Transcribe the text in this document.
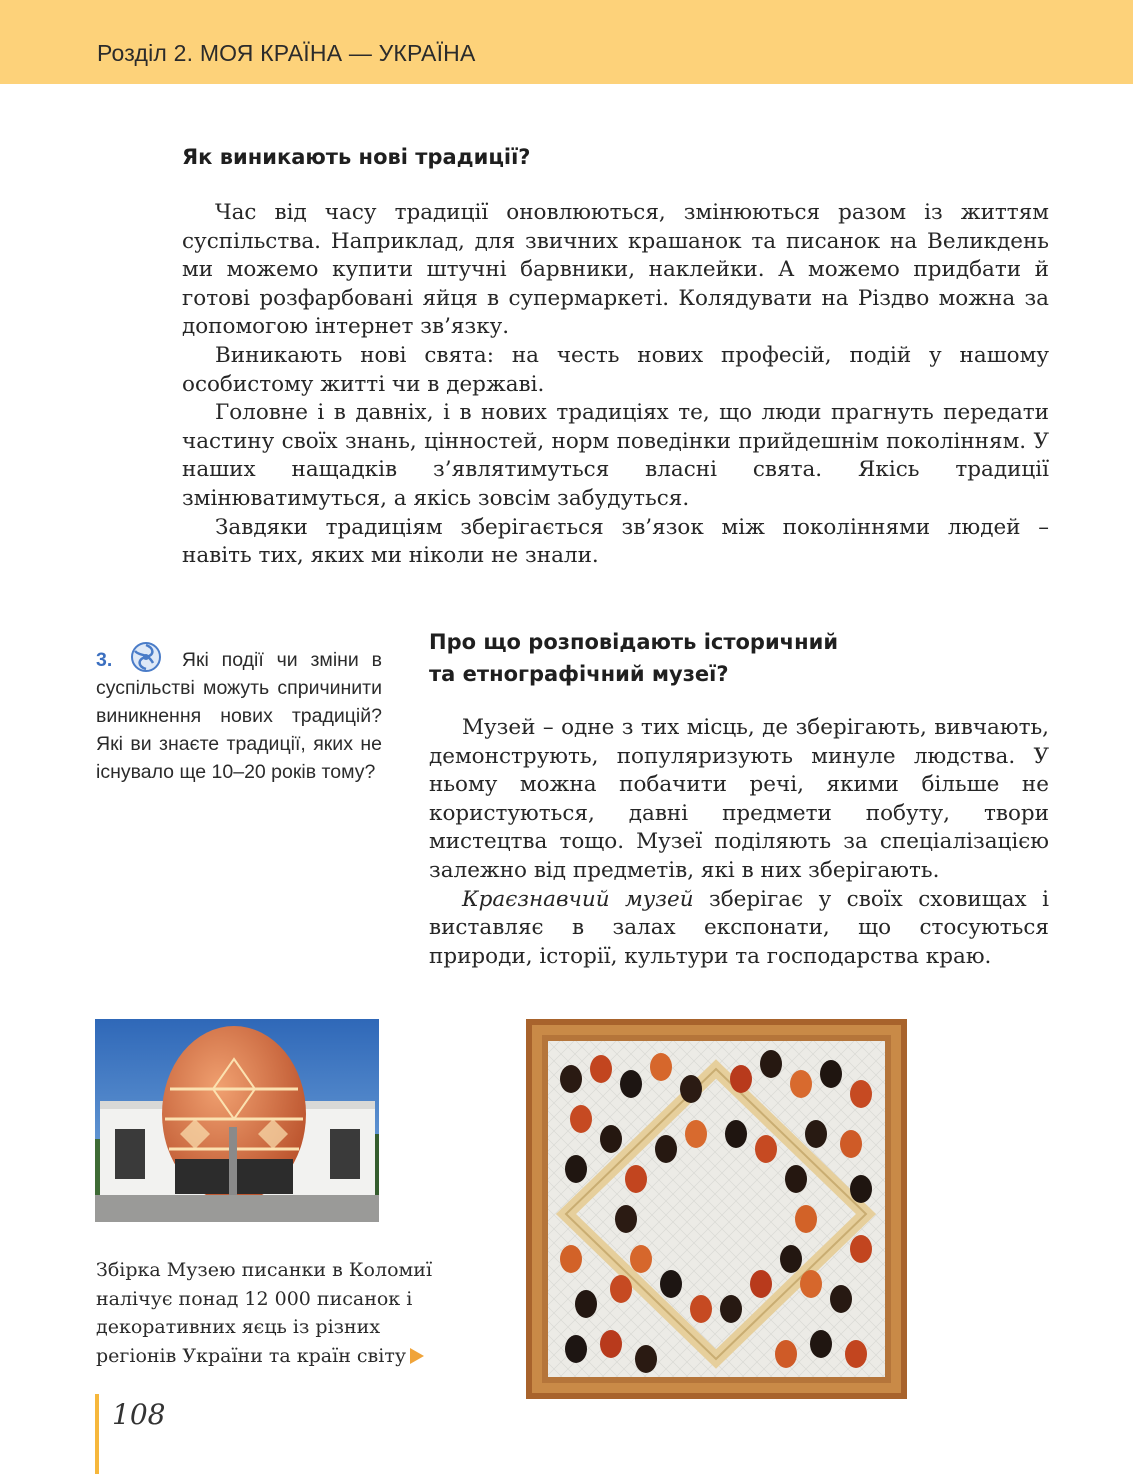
Розділ 2. МОЯ КРАЇНА — УКРАЇНА
Як виникають нові традиції?

Час від часу традиції оновлюються, змінюються разом із життям суспільства. Наприклад, для звичних крашанок та писанок на Великдень ми можемо купити штучні барвники, наклейки. А можемо придбати й готові розфарбовані яйця в супермаркеті. Колядувати на Різдво можна за допомогою інтернет зв’язку.

Виникають нові свята: на честь нових професій, подій у нашому особистому житті чи в державі.

Головне і в давніх, і в нових традиціях те, що люди прагнуть передати частину своїх знань, цінностей, норм поведінки прийдешнім поколінням. У наших нащадків з’являтимуться власні свята. Якісь традиції змінюватимуться, а якісь зовсім забудуться.

Завдяки традиціям зберігається зв’язок між поколіннями людей – навіть тих, яких ми ніколи не знали.

3.	Які події чи зміни в суспільстві можуть спричинити виникнення нових традицій? Які ви знаєте традиції, яких не існувало ще 10–20 років тому?
Про що розповідають історичний
та етнографічний музеї?

Музей – одне з тих місць, де зберігають, вивчають, демонструють, популяризують минуле людства. У ньому можна побачити речі, якими більше не користуються, давні предмети побуту, твори мистецтва тощо. Музеї поділяють за спеціалізацією залежно від предметів, які в них зберігають.

Краєзнавчий музей зберігає у своїх сховищах і виставляє в залах експонати, що стосуються природи, історії, культури та господарства краю.

Збірка Музею писанки в Коломиї налічує понад 12 000 писанок і декоративних яєць із різних регіонів України та країн світу
108
